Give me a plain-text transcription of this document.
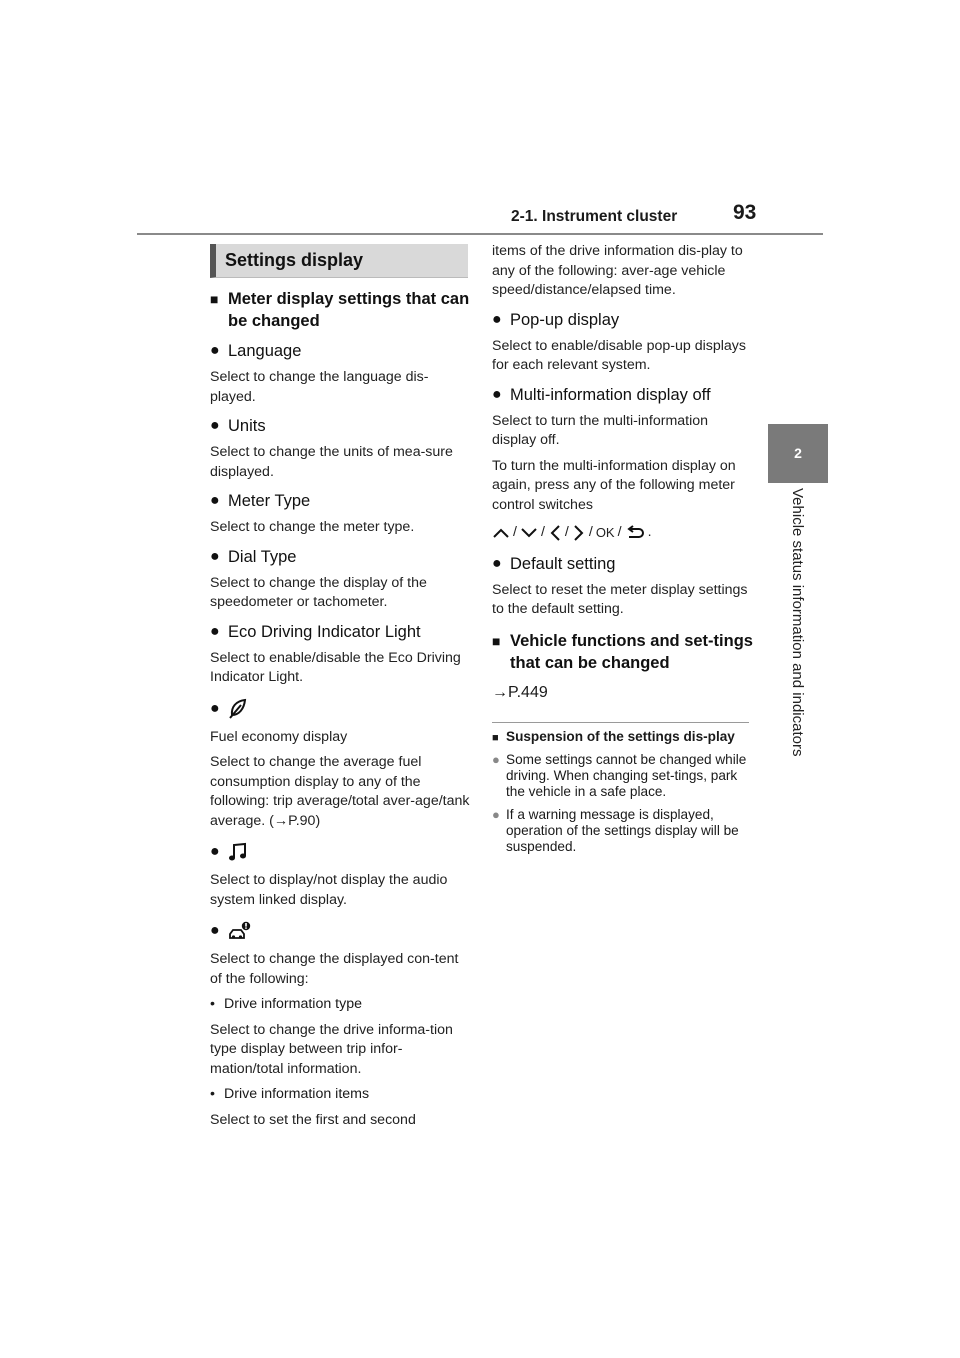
2-1. Instrument cluster	93
2
Vehicle status information and indicators
Settings display
■ Meter display settings that can be changed
● Language
Select to change the language dis-played.
● Units
Select to change the units of mea-sure displayed.
● Meter Type
Select to change the meter type.
● Dial Type
Select to change the display of the speedometer or tachometer.
● Eco Driving Indicator Light
Select to enable/disable the Eco Driving Indicator Light.
●
Fuel economy display
Select to change the average fuel consumption display to any of the following: trip average/total aver-age/tank average. (→P.90)
●
Select to display/not display the audio system linked display.
●
Select to change the displayed con-tent of the following:
• Drive information type
Select to change the drive informa-tion type display between trip infor-mation/total information.
• Drive information items
Select to set the first and second
items of the drive information dis-play to any of the following: aver-age vehicle speed/distance/elapsed time.
● Pop-up display
Select to enable/disable pop-up displays for each relevant system.
● Multi-information display off
Select to turn the multi-information display off.
To turn the multi-information display on again, press any of the following meter control switches
/ / / / OK / .
● Default setting
Select to reset the meter display settings to the default setting.
■ Vehicle functions and set-tings that can be changed
→P.449
■ Suspension of the settings dis-play
● Some settings cannot be changed while driving. When changing set-tings, park the vehicle in a safe place.
● If a warning message is displayed, operation of the settings display will be suspended.
